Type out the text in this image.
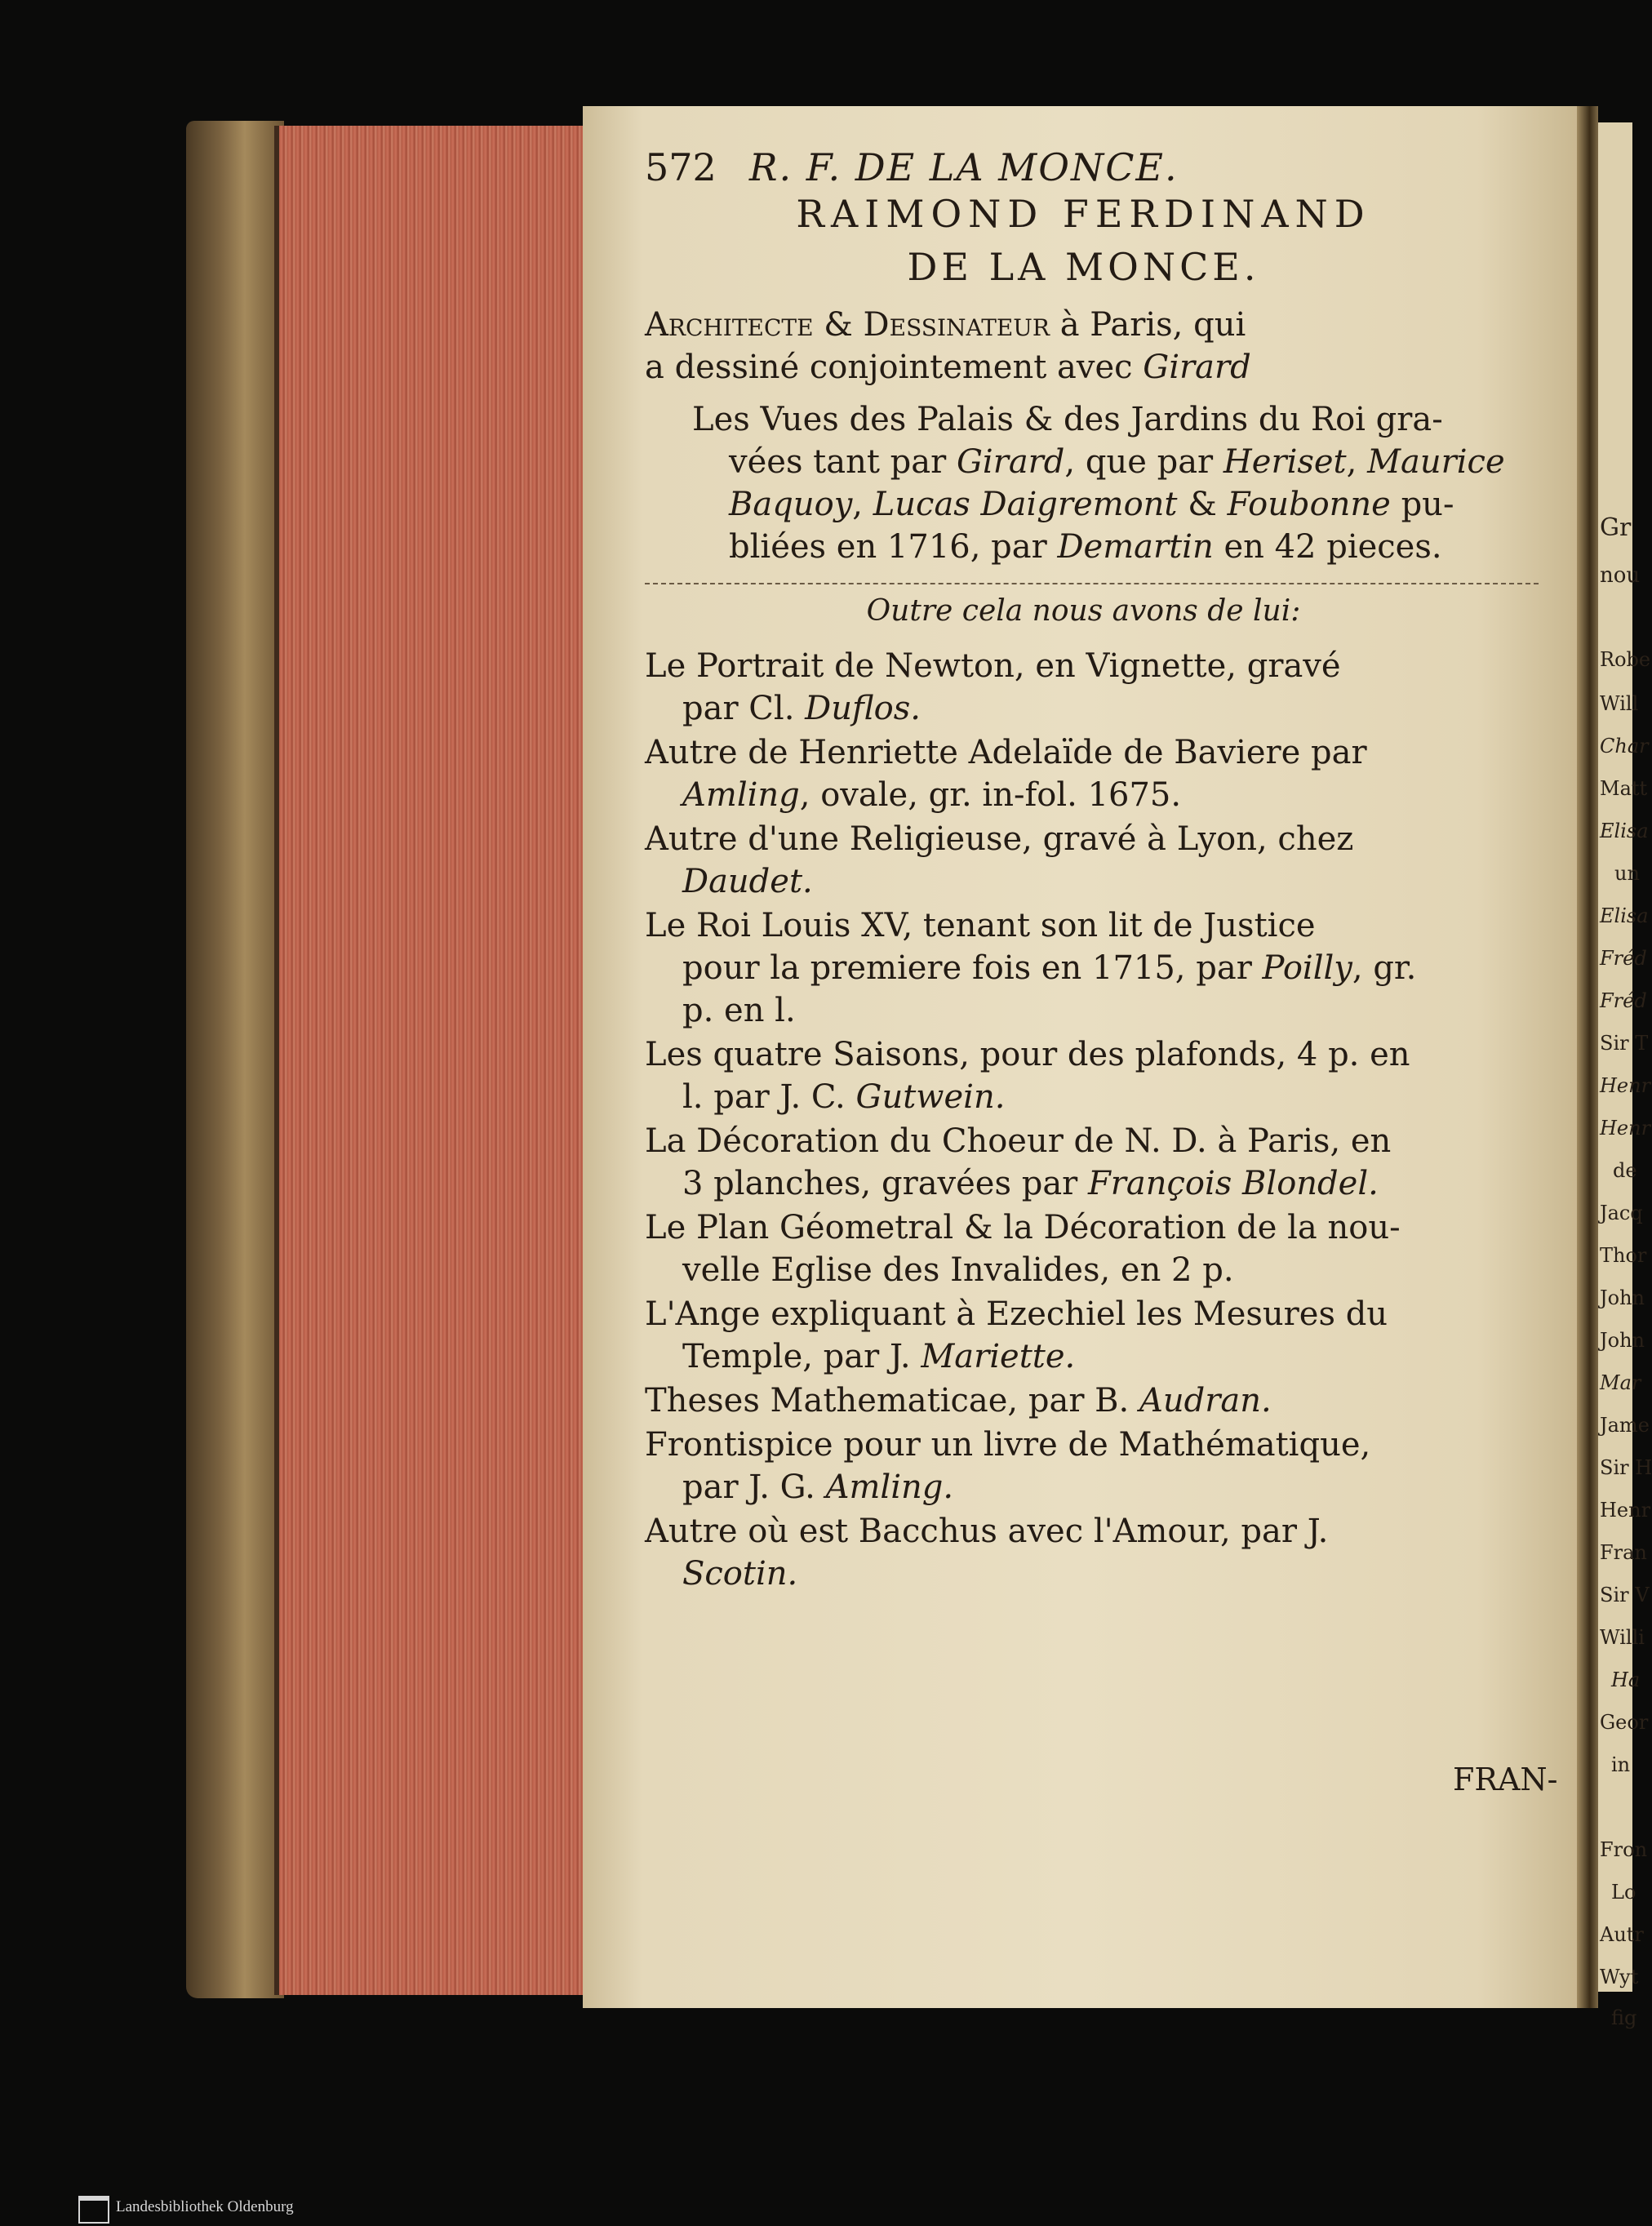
Gr
nou
Robe
Will
Char
Matt
Elisa
un
Elisa
Fréd
Fréd
Sir T
Henr
Henr
de
Jacq
Thor
John
John
Mar
Jame
Sir H
Henr
Fran
Sir V
Willi
Ha
Geor
in
Fron
Lo
Autr
Wyt
fig
572 R. F. DE LA MONCE.
RAIMOND FERDINAND
DE LA MONCE.
Architecte & Dessinateur à Paris, qui
a dessiné conjointement avec Girard
Les Vues des Palais & des Jardins du Roi gra-
vées tant par Girard, que par Heriset, Maurice
Baquoy, Lucas Daigremont & Foubonne pu-
bliées en 1716, par Demartin en 42 pieces.
Outre cela nous avons de lui:
Le Portrait de Newton, en Vignette, gravé
par Cl. Duflos.
Autre de Henriette Adelaïde de Baviere par
Amling, ovale, gr. in-fol. 1675.
Autre d'une Religieuse, gravé à Lyon, chez
Daudet.
Le Roi Louis XV, tenant son lit de Justice
pour la premiere fois en 1715, par Poilly, gr.
p. en l.
Les quatre Saisons, pour des plafonds, 4 p. en
l. par J. C. Gutwein.
La Décoration du Choeur de N. D. à Paris, en
3 planches, gravées par François Blondel.
Le Plan Géometral & la Décoration de la nou-
velle Eglise des Invalides, en 2 p.
L'Ange expliquant à Ezechiel les Mesures du
Temple, par J. Mariette.
Theses Mathematicae, par B. Audran.
Frontispice pour un livre de Mathématique,
par J. G. Amling.
Autre où est Bacchus avec l'Amour, par J.
Scotin.
FRAN-
Landesbibliothek Oldenburg
